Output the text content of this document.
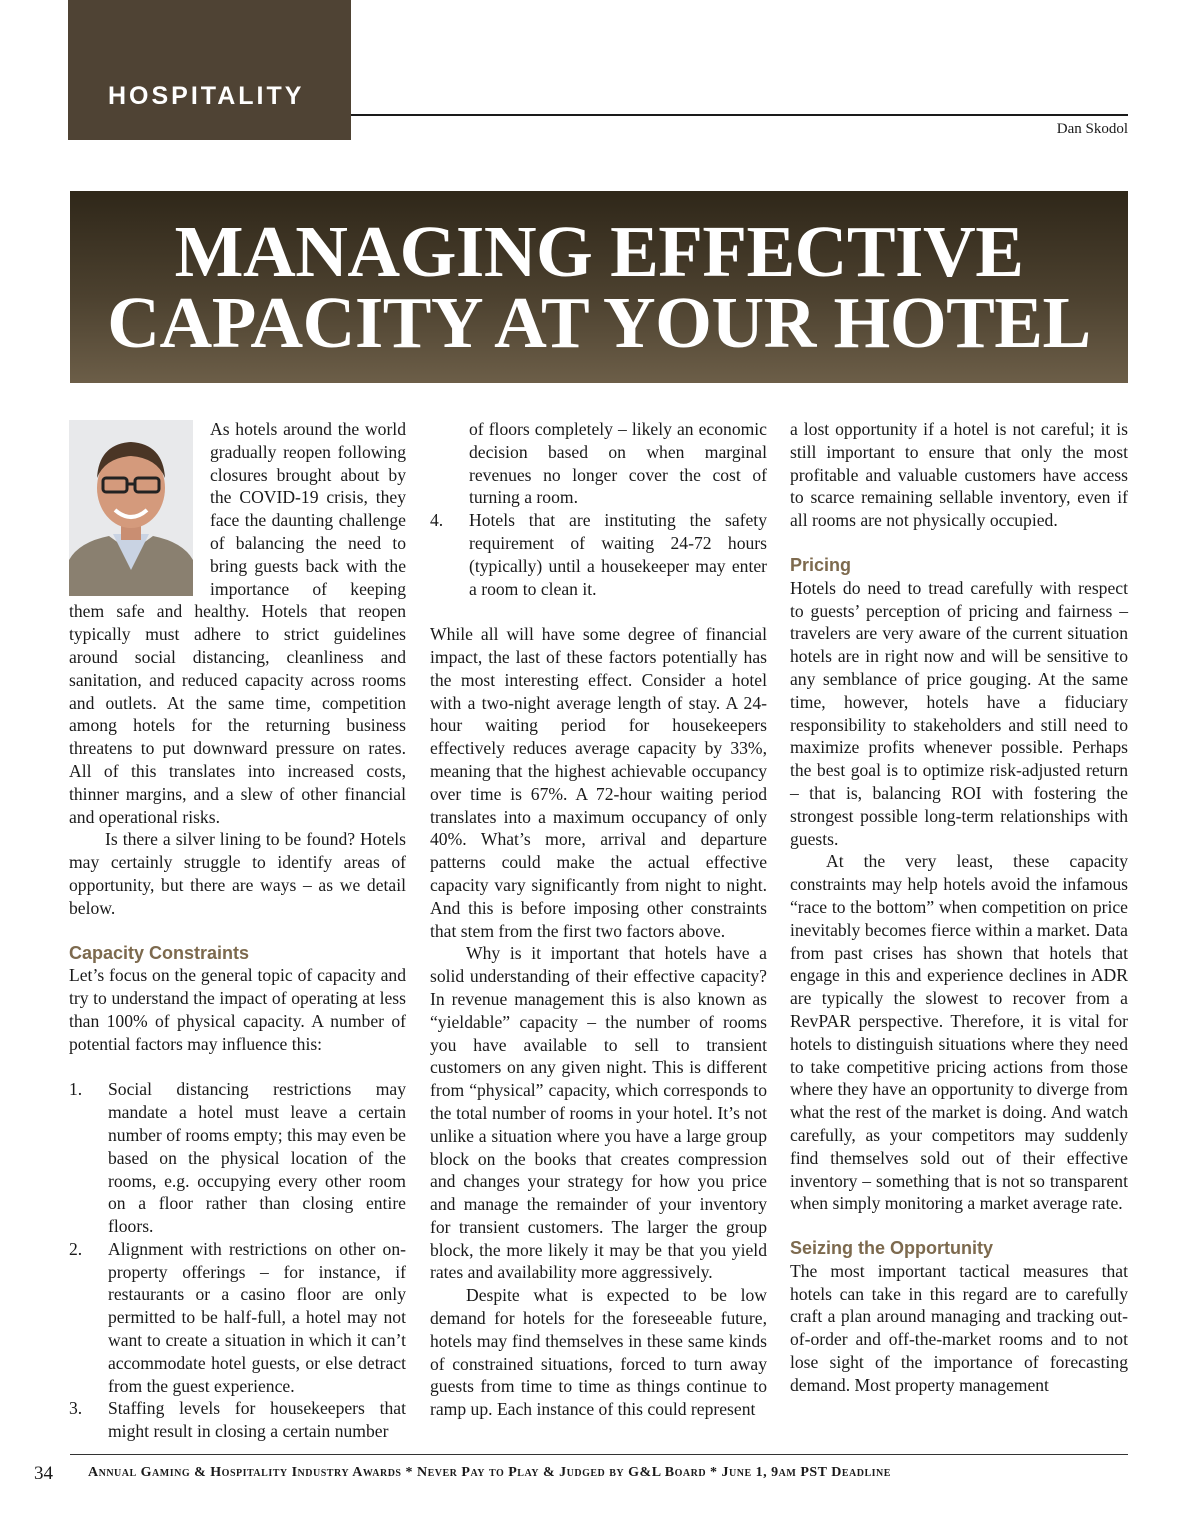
HOSPITALITY
Dan Skodol
MANAGING EFFECTIVE
CAPACITY AT YOUR HOTEL

As hotels around the world gradually reopen following closures brought about by the COVID-19 crisis, they face the daunting challenge of balancing the need to bring guests back with the importance of keeping them safe and healthy. Hotels that reopen typically must adhere to strict guidelines around social distancing, cleanliness and sanitation, and reduced capacity across rooms and outlets. At the same time, competition among hotels for the returning business threatens to put downward pressure on rates. All of this translates into increased costs, thinner margins, and a slew of other financial and operational risks.

Is there a silver lining to be found? Hotels may certainly struggle to identify areas of opportunity, but there are ways – as we detail below.

Capacity Constraints

Let’s focus on the general topic of capacity and try to understand the impact of operating at less than 100% of physical capacity. A number of potential factors may influence this:

1. Social distancing restrictions may mandate a hotel must leave a certain number of rooms empty; this may even be based on the physical location of the rooms, e.g. occupying every other room on a floor rather than closing entire floors.
2. Alignment with restrictions on other on-property offerings – for instance, if restaurants or a casino floor are only permitted to be half-full, a hotel may not want to create a situation in which it can’t accommodate hotel guests, or else detract from the guest experience.
3. Staffing levels for housekeepers that might result in closing a certain number
of floors completely – likely an economic decision based on when marginal revenues no longer cover the cost of turning a room.
4. Hotels that are instituting the safety requirement of waiting 24-72 hours (typically) until a housekeeper may enter a room to clean it.

While all will have some degree of financial impact, the last of these factors potentially has the most interesting effect. Consider a hotel with a two-night average length of stay. A 24-hour waiting period for housekeepers effectively reduces average capacity by 33%, meaning that the highest achievable occupancy over time is 67%. A 72-hour waiting period translates into a maximum occupancy of only 40%. What’s more, arrival and departure patterns could make the actual effective capacity vary significantly from night to night. And this is before imposing other constraints that stem from the first two factors above.

Why is it important that hotels have a solid understanding of their effective capacity? In revenue management this is also known as “yieldable” capacity – the number of rooms you have available to sell to transient customers on any given night. This is different from “physical” capacity, which corresponds to the total number of rooms in your hotel. It’s not unlike a situation where you have a large group block on the books that creates compression and changes your strategy for how you price and manage the remainder of your inventory for transient customers. The larger the group block, the more likely it may be that you yield rates and availability more aggressively.

Despite what is expected to be low demand for hotels for the foreseeable future, hotels may find themselves in these same kinds of constrained situations, forced to turn away guests from time to time as things continue to ramp up. Each instance of this could represent

a lost opportunity if a hotel is not careful; it is still important to ensure that only the most profitable and valuable customers have access to scarce remaining sellable inventory, even if all rooms are not physically occupied.

Pricing

Hotels do need to tread carefully with respect to guests’ perception of pricing and fairness – travelers are very aware of the current situation hotels are in right now and will be sensitive to any semblance of price gouging. At the same time, however, hotels have a fiduciary responsibility to stakeholders and still need to maximize profits whenever possible. Perhaps the best goal is to optimize risk-adjusted return – that is, balancing ROI with fostering the strongest possible long-term relationships with guests.

At the very least, these capacity constraints may help hotels avoid the infamous “race to the bottom” when competition on price inevitably becomes fierce within a market. Data from past crises has shown that hotels that engage in this and experience declines in ADR are typically the slowest to recover from a RevPAR perspective. Therefore, it is vital for hotels to distinguish situations where they need to take competitive pricing actions from those where they have an opportunity to diverge from what the rest of the market is doing. And watch carefully, as your competitors may suddenly find themselves sold out of their effective inventory – something that is not so transparent when simply monitoring a market average rate.

Seizing the Opportunity

The most important tactical measures that hotels can take in this regard are to carefully craft a plan around managing and tracking out-of-order and off-the-market rooms and to not lose sight of the importance of forecasting demand. Most property management

34	Annual Gaming & Hospitality Industry Awards * Never Pay to Play & Judged by G&L Board * June 1, 9am PST Deadline
